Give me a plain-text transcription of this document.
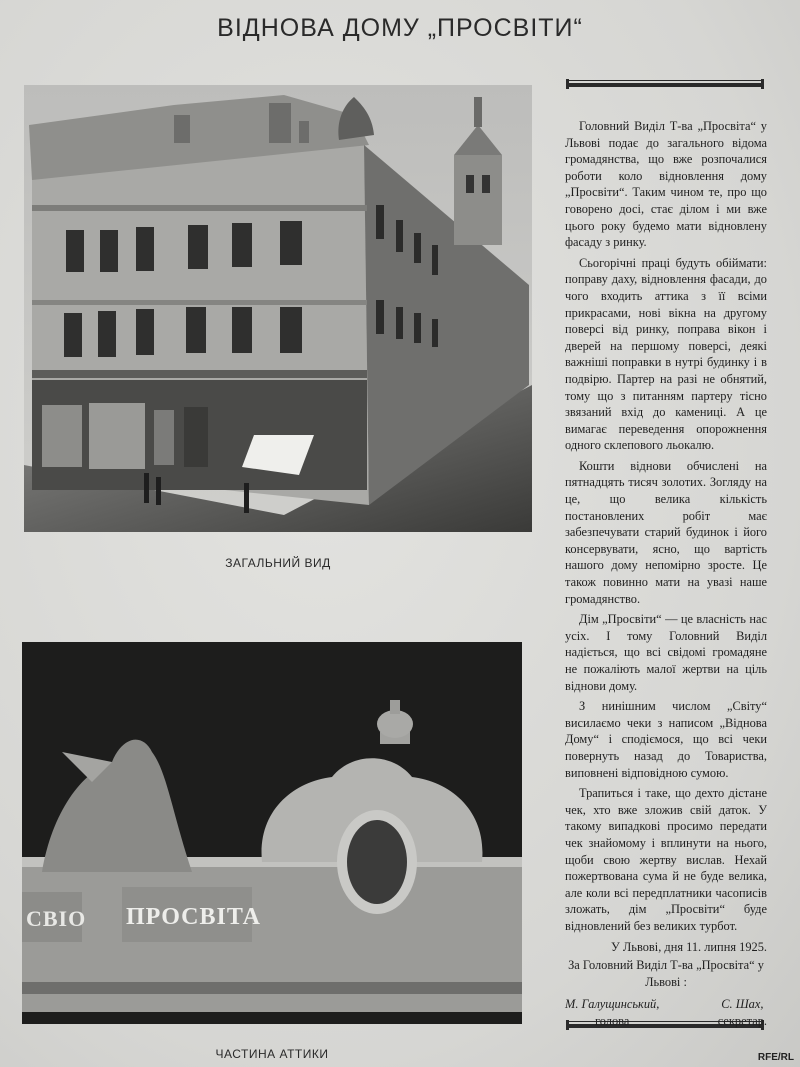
ВІДНОВА ДОМУ „ПРОСВІТИ“
ЗАГАЛЬНИЙ ВИД
СВІО ПРОСВІТА
ЧАСТИНА АТТИКИ

Головний Виділ Т-ва „Просвіта“ у Львові подає до загального відома громадянства, що вже розпочалися роботи коло відновлення дому „Просвіти“. Таким чином те, про що говорено досі, стає ділом і ми вже цього року будемо мати відновлену фасаду з ринку.

Сьогорічні праці будуть обіймати: поправу даху, відновлення фасади, до чого входить аттика з її всіми прикрасами, нові вікна на другому поверсі від ринку, поправа вікон і дверей на першому поверсі, деякі важніші поправки в нутрі будинку і в подвірю. Партер на разі не обнятий, тому що з питанням партеру тісно звязаний вхід до камениці. А це вимагає переведення опорожнення одного склепового льокалю.

Кошти віднови обчислені на пятнадцять тисяч золотих. Зогляду на це, що велика кількість постановлених робіт має забезпечувати старий будинок і його консервувати, ясно, що вартість нашого дому непомірно зросте. Це також повинно мати на увазі наше громадянство.

Дім „Просвіти“ — це власність нас усіх. І тому Головний Виділ надіється, що всі свідомі громадяне не пожаліють малої жертви на ціль віднови дому.

З нинішним числом „Світу“ висилаємо чеки з написом „Віднова Дому“ і сподіємося, що всі чеки повернуть назад до Товариства, виповнені відповідною сумою.

Трапиться і таке, що дехто дістане чек, хто вже зложив свій даток. У такому випадкові просимо передати чек знайомому і вплинути на нього, щоби свою жертву вислав. Нехай пожертвована сума й не буде велика, але коли всі передплатники часописів зложать, дім „Просвіти“ буде відновлений без великих турбот.

У Львові, дня 11. липня 1925.
За Головний Виділ Т-ва „Просвіта“ у Львові :
М. Галущинський,
голова
С. Шах,
секретар.
RFE/RL
